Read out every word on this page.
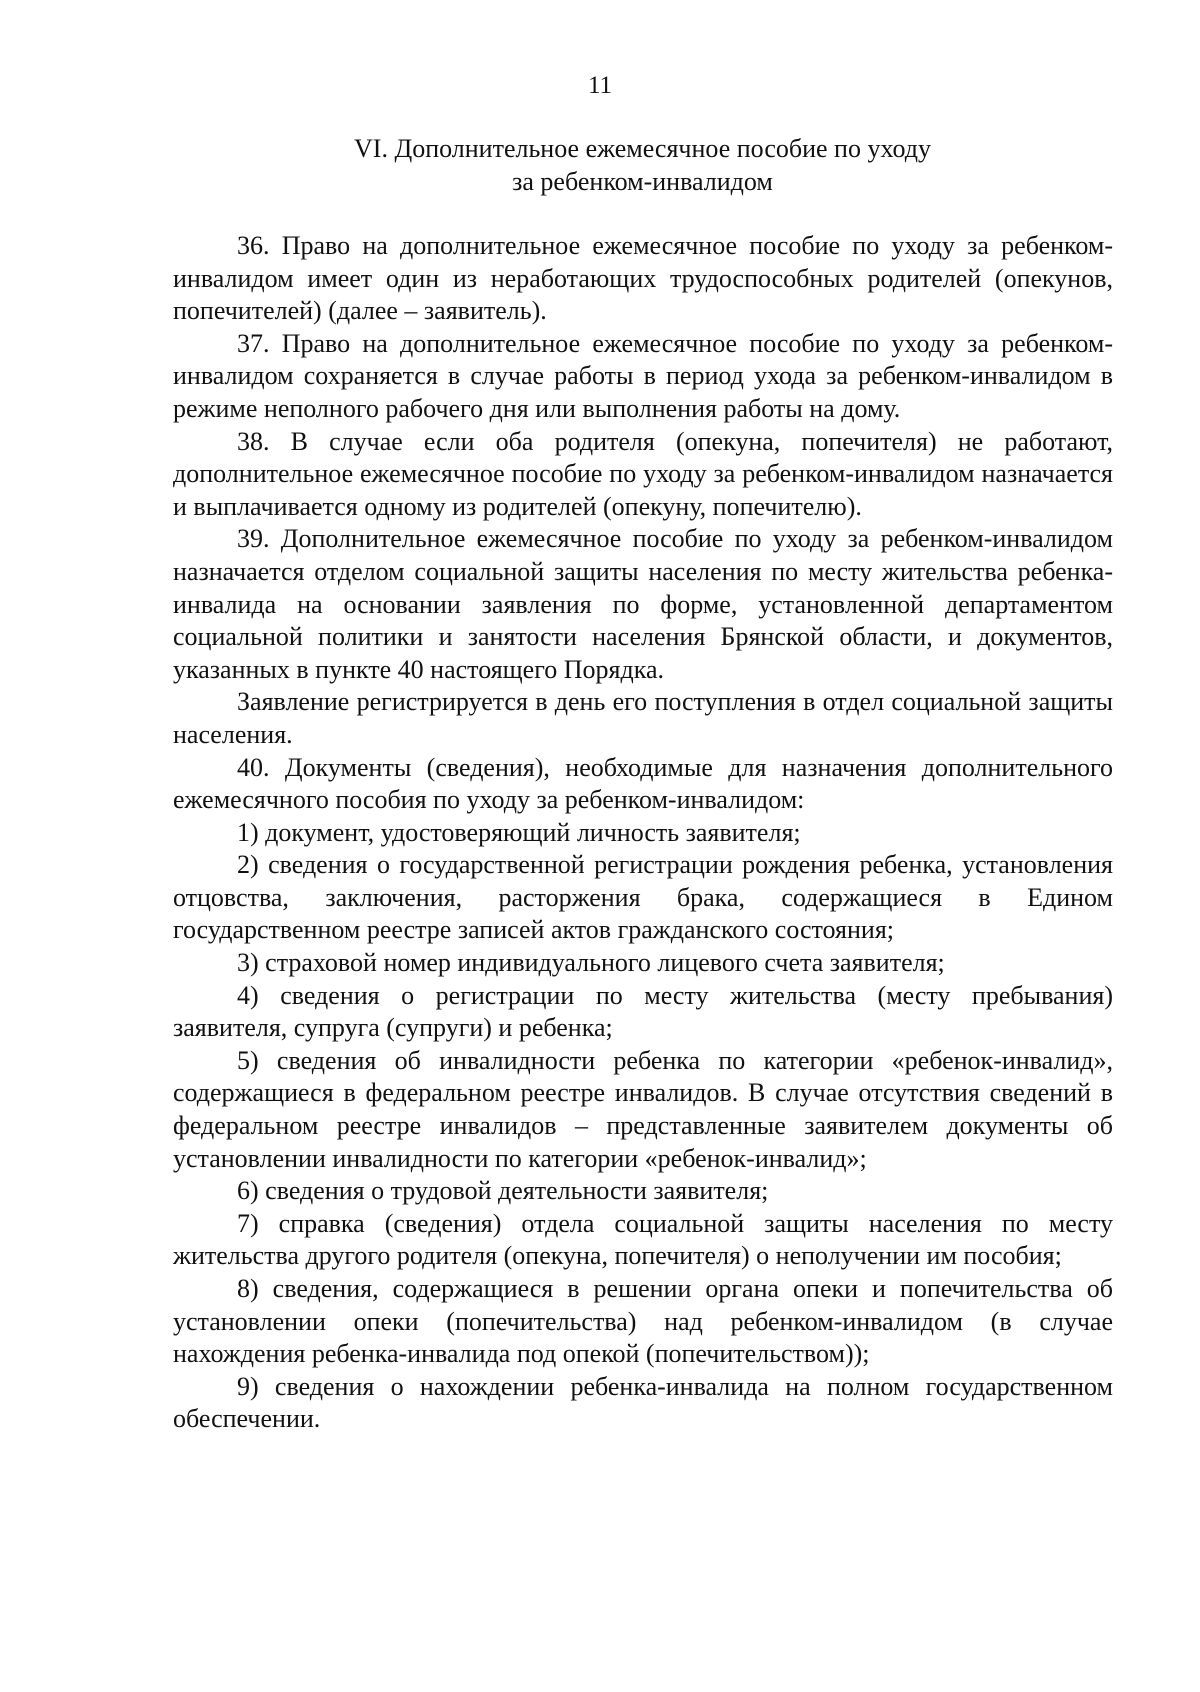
11
VI. Дополнительное ежемесячное пособие по уходу
за ребенком-инвалидом

36. Право на дополнительное ежемесячное пособие по уходу за ребенком-инвалидом имеет один из неработающих трудоспособных родителей (опекунов, попечителей) (далее – заявитель).

37. Право на дополнительное ежемесячное пособие по уходу за ребенком-инвалидом сохраняется в случае работы в период ухода за ребенком-инвалидом в режиме неполного рабочего дня или выполнения работы на дому.

38. В случае если оба родителя (опекуна, попечителя) не работают, дополнительное ежемесячное пособие по уходу за ребенком-инвалидом назначается и выплачивается одному из родителей (опекуну, попечителю).

39. Дополнительное ежемесячное пособие по уходу за ребенком-инвалидом назначается отделом социальной защиты населения по месту жительства ребенка-инвалида на основании заявления по форме, установленной департаментом социальной политики и занятости населения Брянской области, и документов, указанных в пункте 40 настоящего Порядка.

Заявление регистрируется в день его поступления в отдел социальной защиты населения.

40. Документы (сведения), необходимые для назначения дополнительного ежемесячного пособия по уходу за ребенком-инвалидом:

1) документ, удостоверяющий личность заявителя;

2) сведения о государственной регистрации рождения ребенка, установления отцовства, заключения, расторжения брака, содержащиеся в Едином государственном реестре записей актов гражданского состояния;

3) страховой номер индивидуального лицевого счета заявителя;

4) сведения о регистрации по месту жительства (месту пребывания) заявителя, супруга (супруги) и ребенка;

5) сведения об инвалидности ребенка по категории «ребенок-инвалид», содержащиеся в федеральном реестре инвалидов. В случае отсутствия сведений в федеральном реестре инвалидов – представленные заявителем документы об установлении инвалидности по категории «ребенок-инвалид»;

6) сведения о трудовой деятельности заявителя;

7) справка (сведения) отдела социальной защиты населения по месту жительства другого родителя (опекуна, попечителя) о неполучении им пособия;

8) сведения, содержащиеся в решении органа опеки и попечительства об установлении опеки (попечительства) над ребенком-инвалидом (в случае нахождения ребенка-инвалида под опекой (попечительством));

9) сведения о нахождении ребенка-инвалида на полном государственном обеспечении.
